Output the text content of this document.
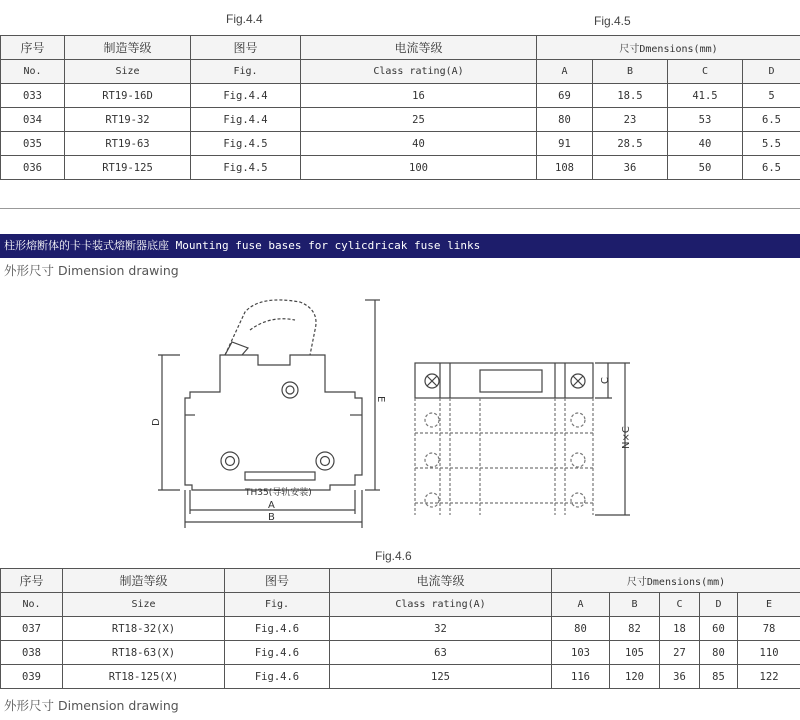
Fig.4.4	Fig.4.5
序号	制造等级	图号	电流等级	尺寸Dmensions(mm)			
No.	Size	Fig.	Class rating(A)	A	B	C	D
033	RT19-16D	Fig.4.4	16	69	18.5	41.5	5
034	RT19-32	Fig.4.4	25	80	23	53	6.5
035	RT19-63	Fig.4.5	40	91	28.5	40	5.5
036	RT19-125	Fig.4.5	100	108	36	50	6.5
柱形熔断体的卡卡装式熔断器底座 Mounting fuse bases for cylicdricak fuse links
外形尺寸 Dimension drawing
D
E
A
B
TH35(导轨安装)
C
N×C
Fig.4.6
序号	制造等级	图号	电流等级	尺寸Dmensions(mm)				
No.	Size	Fig.	Class rating(A)	A	B	C	D	E
037	RT18-32(X)	Fig.4.6	32	80	82	18	60	78
038	RT18-63(X)	Fig.4.6	63	103	105	27	80	110
039	RT18-125(X)	Fig.4.6	125	116	120	36	85	122
外形尺寸 Dimension drawing
